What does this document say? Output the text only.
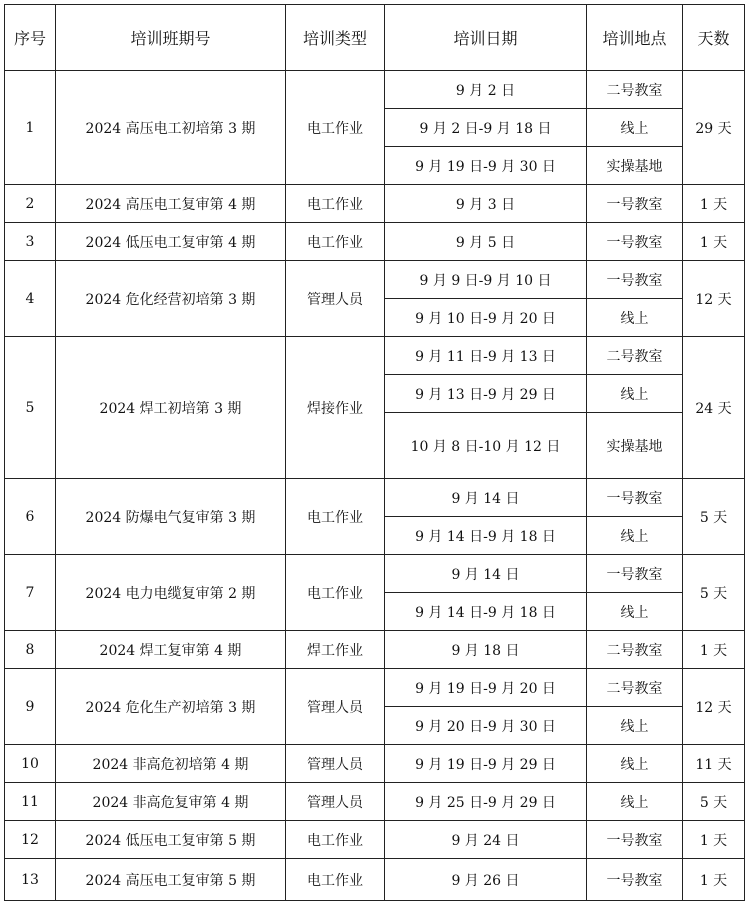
序号	培训班期号	培训类型	培训日期	培训地点	天数
1	2024 高压电工初培第 3 期	电工作业	9 月 2 日	二号教室	29 天
			9 月 2 日-9 月 18 日	线上	
			9 月 19 日-9 月 30 日	实操基地	
2	2024 高压电工复审第 4 期	电工作业	9 月 3 日	一号教室	1 天
3	2024 低压电工复审第 4 期	电工作业	9 月 5 日	一号教室	1 天
4	2024 危化经营初培第 3 期	管理人员	9 月 9 日-9 月 10 日	一号教室	12 天
			9 月 10 日-9 月 20 日	线上	
5	2024 焊工初培第 3 期	焊接作业	9 月 11 日-9 月 13 日	二号教室	24 天
			9 月 13 日-9 月 29 日	线上	
			10 月 8 日-10 月 12 日	实操基地	
6	2024 防爆电气复审第 3 期	电工作业	9 月 14 日	一号教室	5 天
			9 月 14 日-9 月 18 日	线上	
7	2024 电力电缆复审第 2 期	电工作业	9 月 14 日	一号教室	5 天
			9 月 14 日-9 月 18 日	线上	
8	2024 焊工复审第 4 期	焊工作业	9 月 18 日	二号教室	1 天
9	2024 危化生产初培第 3 期	管理人员	9 月 19 日-9 月 20 日	二号教室	12 天
			9 月 20 日-9 月 30 日	线上	
10	2024 非高危初培第 4 期	管理人员	9 月 19 日-9 月 29 日	线上	11 天
11	2024 非高危复审第 4 期	管理人员	9 月 25 日-9 月 29 日	线上	5 天
12	2024 低压电工复审第 5 期	电工作业	9 月 24 日	一号教室	1 天
13	2024 高压电工复审第 5 期	电工作业	9 月 26 日	一号教室	1 天
